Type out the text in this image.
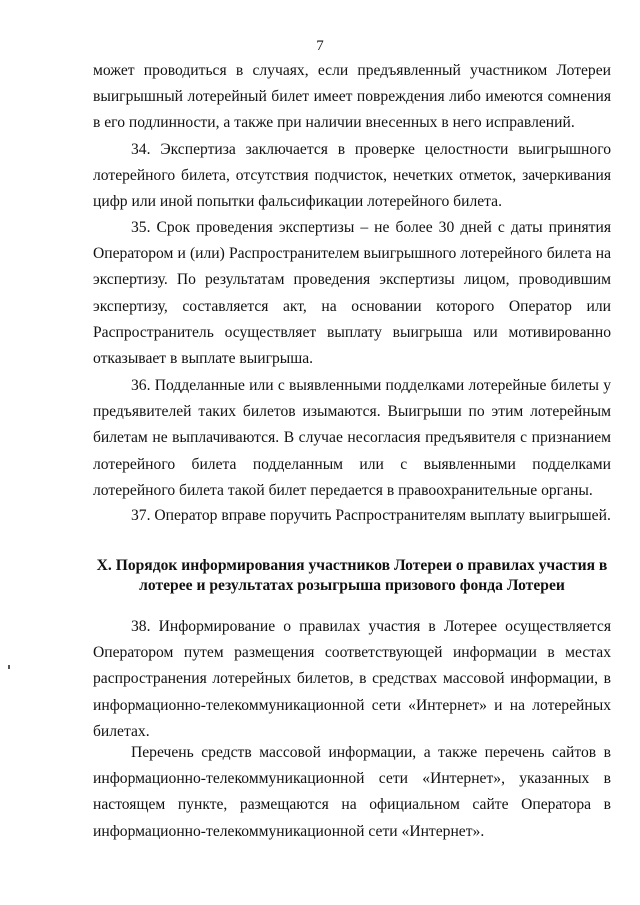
7

может проводиться в случаях, если предъявленный участником Лотереи выигрышный лотерейный билет имеет повреждения либо имеются сомнения в его подлинности, а также при наличии внесенных в него исправлений.

34. Экспертиза заключается в проверке целостности выигрышного лотерейного билета, отсутствия подчисток, нечетких отметок, зачеркивания цифр или иной попытки фальсификации лотерейного билета.

35. Срок проведения экспертизы – не более 30 дней с даты принятия Оператором и (или) Распространителем выигрышного лотерейного билета на экспертизу. По результатам проведения экспертизы лицом, проводившим экспертизу, составляется акт, на основании которого Оператор или Распространитель осуществляет выплату выигрыша или мотивированно отказывает в выплате выигрыша.

36. Подделанные или с выявленными подделками лотерейные билеты у предъявителей таких билетов изымаются. Выигрыши по этим лотерейным билетам не выплачиваются. В случае несогласия предъявителя с признанием лотерейного билета подделанным или с выявленными подделками лотерейного билета такой билет передается в правоохранительные органы.

37. Оператор вправе поручить Распространителям выплату выигрышей.

X. Порядок информирования участников Лотереи о правилах участия в
лотерее и результатах розыгрыша призового фонда Лотереи

38. Информирование о правилах участия в Лотерее осуществляется Оператором путем размещения соответствующей информации в местах распространения лотерейных билетов, в средствах массовой информации, в информационно-телекоммуникационной сети «Интернет» и на лотерейных билетах.

Перечень средств массовой информации, а также перечень сайтов в информационно-телекоммуникационной сети «Интернет», указанных в настоящем пункте, размещаются на официальном сайте Оператора в информационно-телекоммуникационной сети «Интернет».
